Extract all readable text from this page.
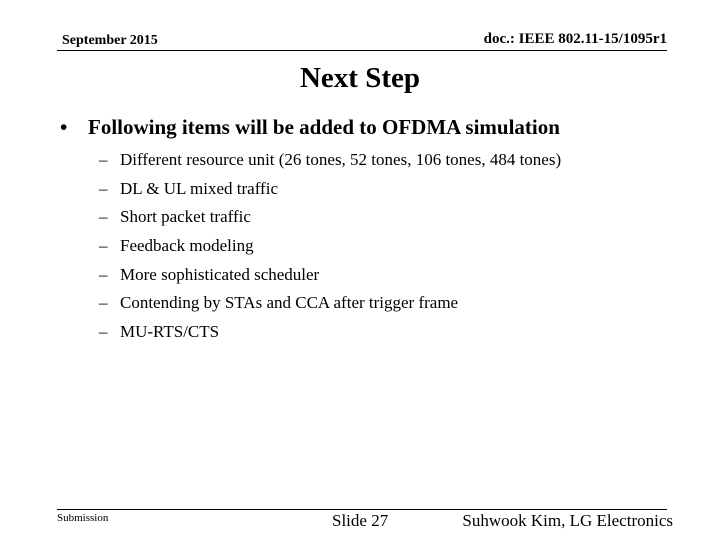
September 2015	doc.: IEEE 802.11-15/1095r1
Next Step
• Following items will be added to OFDMA simulation
– Different resource unit (26 tones, 52 tones, 106 tones, 484 tones)
– DL & UL mixed traffic
– Short packet traffic
– Feedback modeling
– More sophisticated scheduler
– Contending by STAs and CCA after trigger frame
– MU-RTS/CTS
Submission	Slide 27	Suhwook Kim, LG Electronics
